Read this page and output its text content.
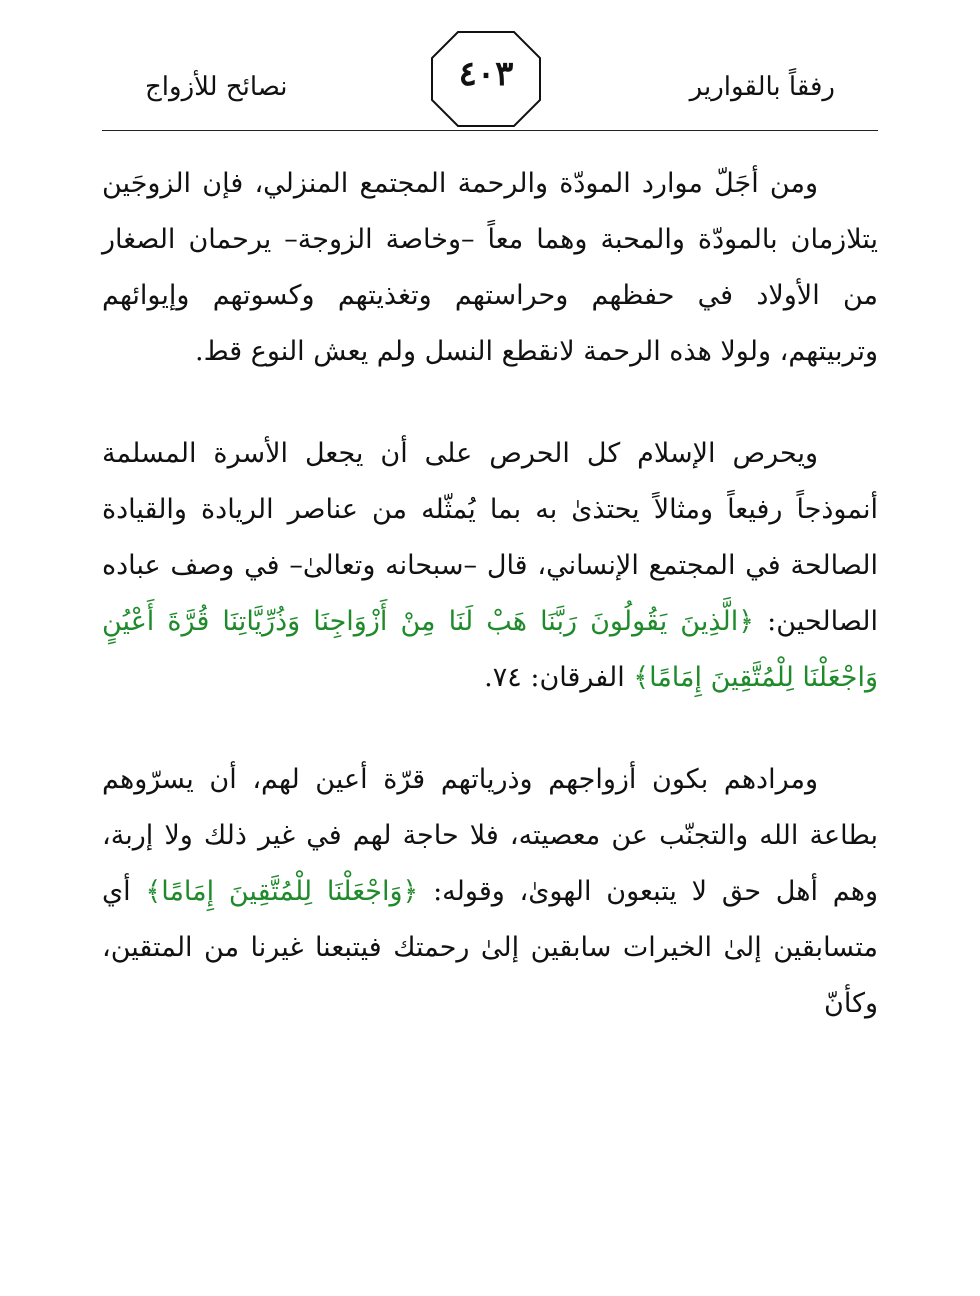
رفقاً بالقوارير
٤٠٣
نصائح للأزواج

ومن أجَلّ موارد المودّة والرحمة المجتمع المنزلي، فإن الزوجَين يتلازمان بالمودّة والمحبة وهما معاً –وخاصة الزوجة– يرحمان الصغار من الأولاد في حفظهم وحراستهم وتغذيتهم وكسوتهم وإيوائهم وتربيتهم، ولولا هذه الرحمة لانقطع النسل ولم يعش النوع قط.

ويحرص الإسلام كل الحرص على أن يجعل الأسرة المسلمة أنموذجاً رفيعاً ومثالاً يحتذىٰ به بما يُمثّله من عناصر الريادة والقيادة الصالحة في المجتمع الإنساني، قال –سبحانه وتعالىٰ– في وصف عباده الصالحين: ﴿الَّذِينَ يَقُولُونَ رَبَّنَا هَبْ لَنَا مِنْ أَزْوَاجِنَا وَذُرِّيَّاتِنَا قُرَّةَ أَعْيُنٍ وَاجْعَلْنَا لِلْمُتَّقِينَ إِمَامًا﴾ الفرقان: ٧٤.

ومرادهم بكون أزواجهم وذرياتهم قرّة أعين لهم، أن يسرّوهم بطاعة الله والتجنّب عن معصيته، فلا حاجة لهم في غير ذلك ولا إربة، وهم أهل حق لا يتبعون الهوىٰ، وقوله: ﴿وَاجْعَلْنَا لِلْمُتَّقِينَ إِمَامًا﴾ أي متسابقين إلىٰ الخيرات سابقين إلىٰ رحمتك فيتبعنا غيرنا من المتقين، وكأنّ
